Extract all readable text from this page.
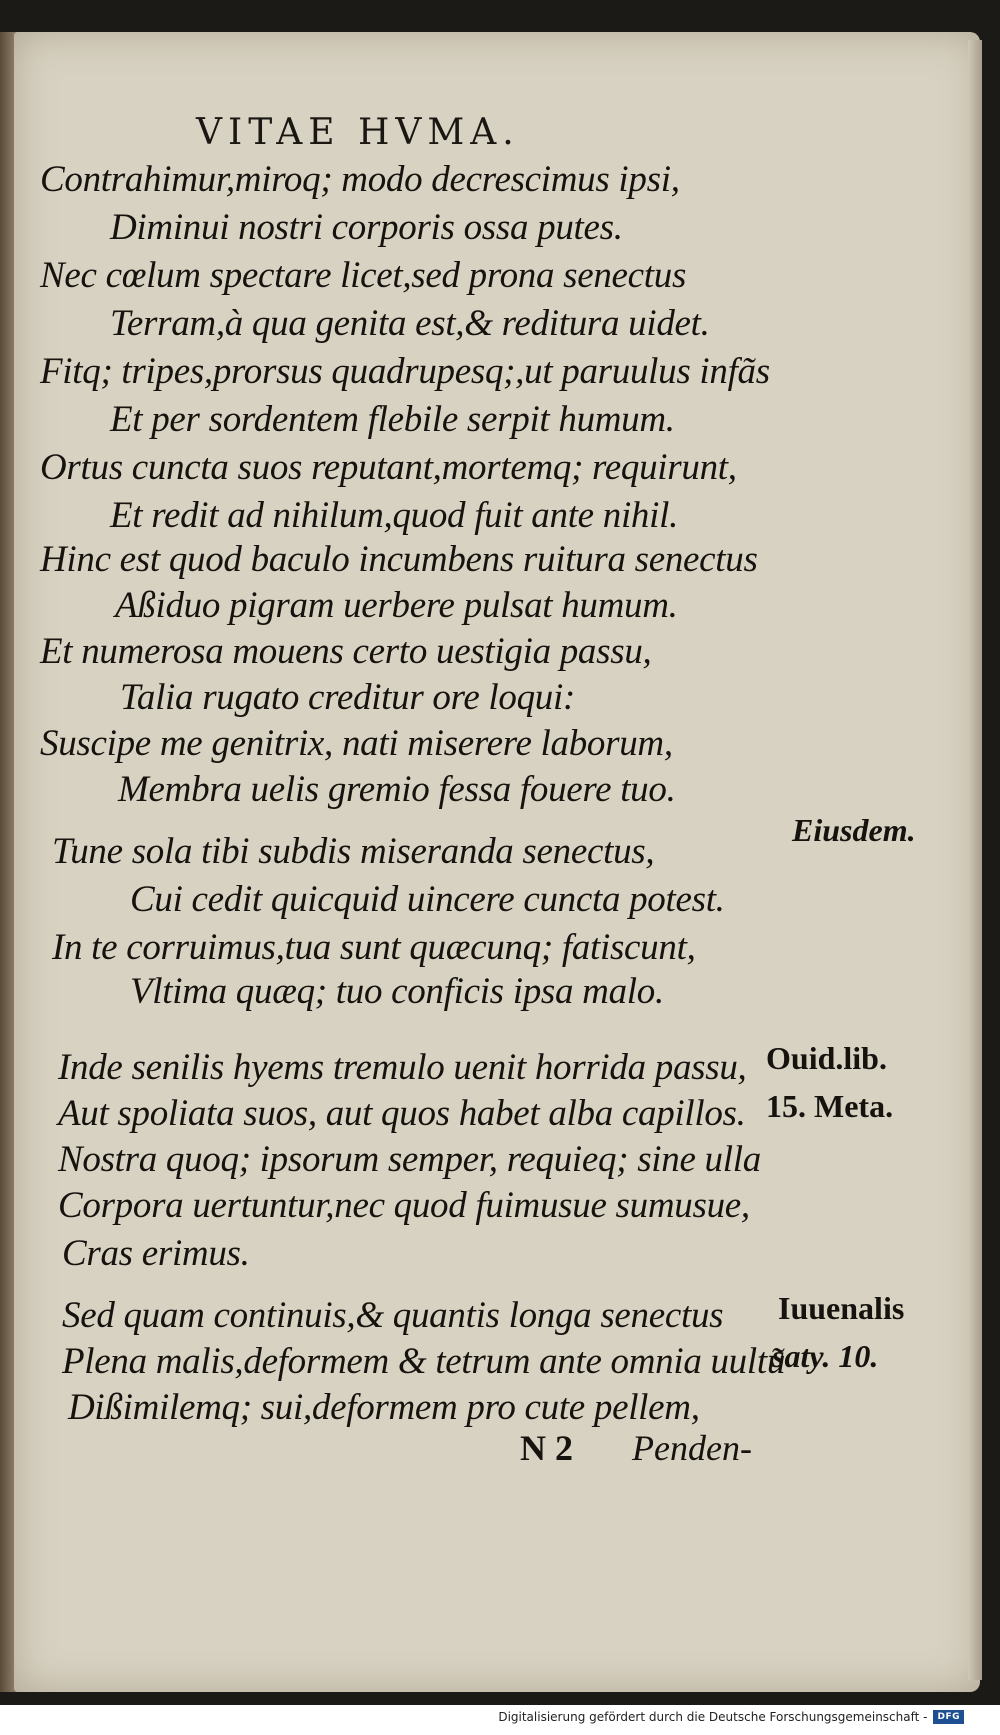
VITAE HVMA.
Contrahimur,miroq; modo decrescimus ipsi,
Diminui nostri corporis ossa putes.
Nec cœlum spectare licet,sed prona senectus
Terram,à qua genita est,& reditura uidet.
Fitq; tripes,prorsus quadrupesq;,ut paruulus infãs
Et per sordentem flebile serpit humum.
Ortus cuncta suos reputant,mortemq; requirunt,
Et redit ad nihilum,quod fuit ante nihil.
Hinc est quod baculo incumbens ruitura senectus
Aßiduo pigram uerbere pulsat humum.
Et numerosa mouens certo uestigia passu,
Talia rugato creditur ore loqui:
Suscipe me genitrix, nati miserere laborum,
Membra uelis gremio fessa fouere tuo.
Tune sola tibi subdis miseranda senectus,
Cui cedit quicquid uincere cuncta potest.
In te corruimus,tua sunt quæcunq; fatiscunt,
Vltima quæq; tuo conficis ipsa malo.
Inde senilis hyems tremulo uenit horrida passu,
Aut spoliata suos, aut quos habet alba capillos.
Nostra quoq; ipsorum semper, requieq; sine ulla
Corpora uertuntur,nec quod fuimusue sumusue,
Cras erimus.
Sed quam continuis,& quantis longa senectus
Plena malis,deformem & tetrum ante omnia uultũ
Dißimilemq; sui,deformem pro cute pellem,
Eiusdem.
Ouid.lib.
15. Meta.
Iuuenalis
saty. 10.
N 2 Penden-
Digitalisierung gefördert durch die Deutsche Forschungsgemeinschaft -	DFG
